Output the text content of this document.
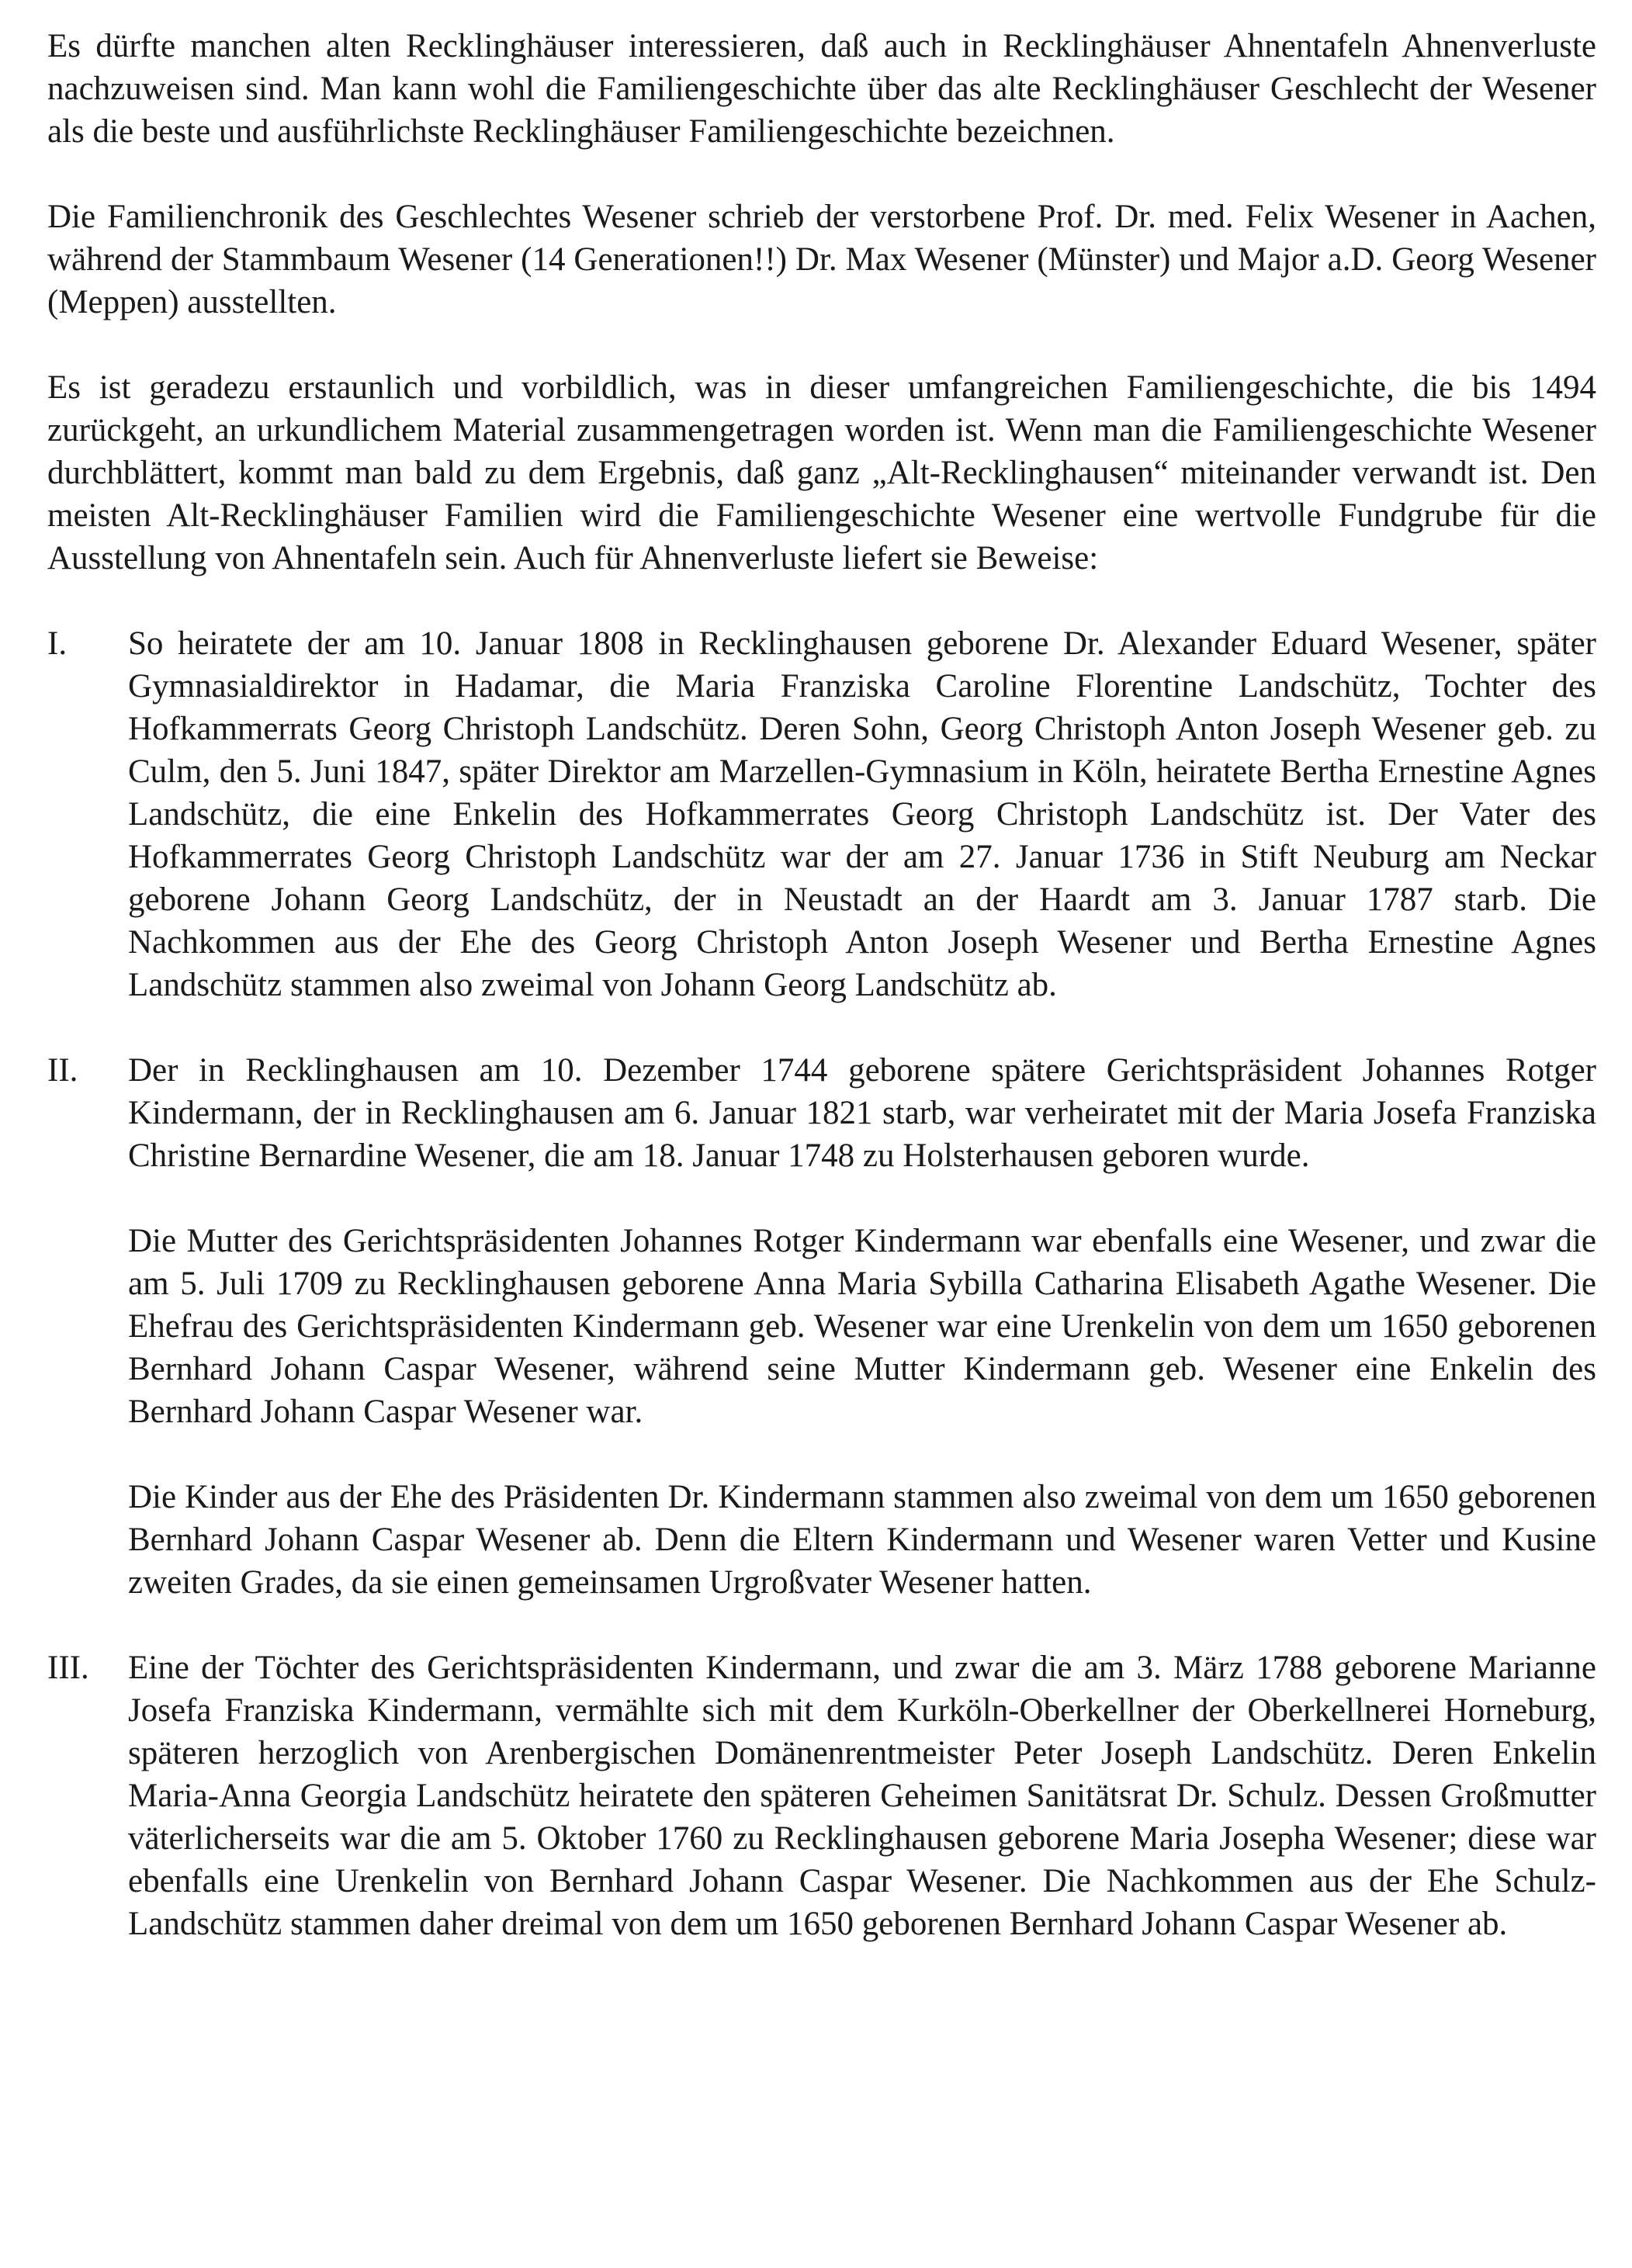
Es dürfte manchen alten Recklinghäuser interessieren, daß auch in Recklinghäuser Ahnentafeln Ahnenverluste nachzuweisen sind. Man kann wohl die Familiengeschichte über das alte Recklinghäuser Geschlecht der Wesener als die beste und ausführlichste Recklinghäuser Familiengeschichte bezeichnen.

Die Familienchronik des Geschlechtes Wesener schrieb der verstorbene Prof. Dr. med. Felix Wesener in Aachen, während der Stammbaum Wesener (14 Generationen!!) Dr. Max Wesener (Münster) und Major a.D. Georg Wesener (Meppen) ausstellten.

Es ist geradezu erstaunlich und vorbildlich, was in dieser umfangreichen Familiengeschichte, die bis 1494 zurückgeht, an urkundlichem Material zusammengetragen worden ist. Wenn man die Familiengeschichte Wesener durchblättert, kommt man bald zu dem Ergebnis, daß ganz „Alt-Recklinghausen“ miteinander verwandt ist. Den meisten Alt-Recklinghäuser Familien wird die Familiengeschichte Wesener eine wertvolle Fundgrube für die Ausstellung von Ahnentafeln sein. Auch für Ahnenverluste liefert sie Beweise:

I.	So heiratete der am 10. Januar 1808 in Recklinghausen geborene Dr. Alexander Eduard Wesener, später Gymnasialdirektor in Hadamar, die Maria Franziska Caroline Florentine Landschütz, Tochter des Hofkammerrats Georg Christoph Landschütz. Deren Sohn, Georg Christoph Anton Joseph Wesener geb. zu Culm, den 5. Juni 1847, später Direktor am Marzellen-Gymnasium in Köln, heiratete Bertha Ernestine Agnes Landschütz, die eine Enkelin des Hofkammerrates Georg Christoph Landschütz ist. Der Vater des Hofkammerrates Georg Christoph Landschütz war der am 27. Januar 1736 in Stift Neuburg am Neckar geborene Johann Georg Landschütz, der in Neustadt an der Haardt am 3. Januar 1787 starb. Die Nachkommen aus der Ehe des Georg Christoph Anton Joseph Wesener und Bertha Ernestine Agnes Landschütz stammen also zweimal von Johann Georg Landschütz ab.
II.	Der in Recklinghausen am 10. Dezember 1744 geborene spätere Gerichtspräsident Johannes Rotger Kindermann, der in Recklinghausen am 6. Januar 1821 starb, war verheiratet mit der Maria Josefa Franziska Christine Bernardine Wesener, die am 18. Januar 1748 zu Holsterhausen geboren wurde.

Die Mutter des Gerichtspräsidenten Johannes Rotger Kindermann war ebenfalls eine Wesener, und zwar die am 5. Juli 1709 zu Recklinghausen geborene Anna Maria Sybilla Catharina Elisabeth Agathe Wesener. Die Ehefrau des Gerichtspräsidenten Kindermann geb. Wesener war eine Urenkelin von dem um 1650 geborenen Bernhard Johann Caspar Wesener, während seine Mutter Kindermann geb. Wesener eine Enkelin des Bernhard Johann Caspar Wesener war.

Die Kinder aus der Ehe des Präsidenten Dr. Kindermann stammen also zweimal von dem um 1650 geborenen Bernhard Johann Caspar Wesener ab. Denn die Eltern Kindermann und Wesener waren Vetter und Kusine zweiten Grades, da sie einen gemeinsamen Urgroßvater Wesener hatten.

III.	Eine der Töchter des Gerichtspräsidenten Kindermann, und zwar die am 3. März 1788 geborene Marianne Josefa Franziska Kindermann, vermählte sich mit dem Kurköln-Oberkellner der Oberkellnerei Horneburg, späteren herzoglich von Arenbergischen Domänenrentmeister Peter Joseph Landschütz. Deren Enkelin Maria-Anna Georgia Landschütz heiratete den späteren Geheimen Sanitätsrat Dr. Schulz. Dessen Großmutter väterlicherseits war die am 5. Oktober 1760 zu Recklinghausen geborene Maria Josepha Wesener; diese war ebenfalls eine Urenkelin von Bernhard Johann Caspar Wesener. Die Nachkommen aus der Ehe Schulz-Landschütz stammen daher dreimal von dem um 1650 geborenen Bernhard Johann Caspar Wesener ab.
